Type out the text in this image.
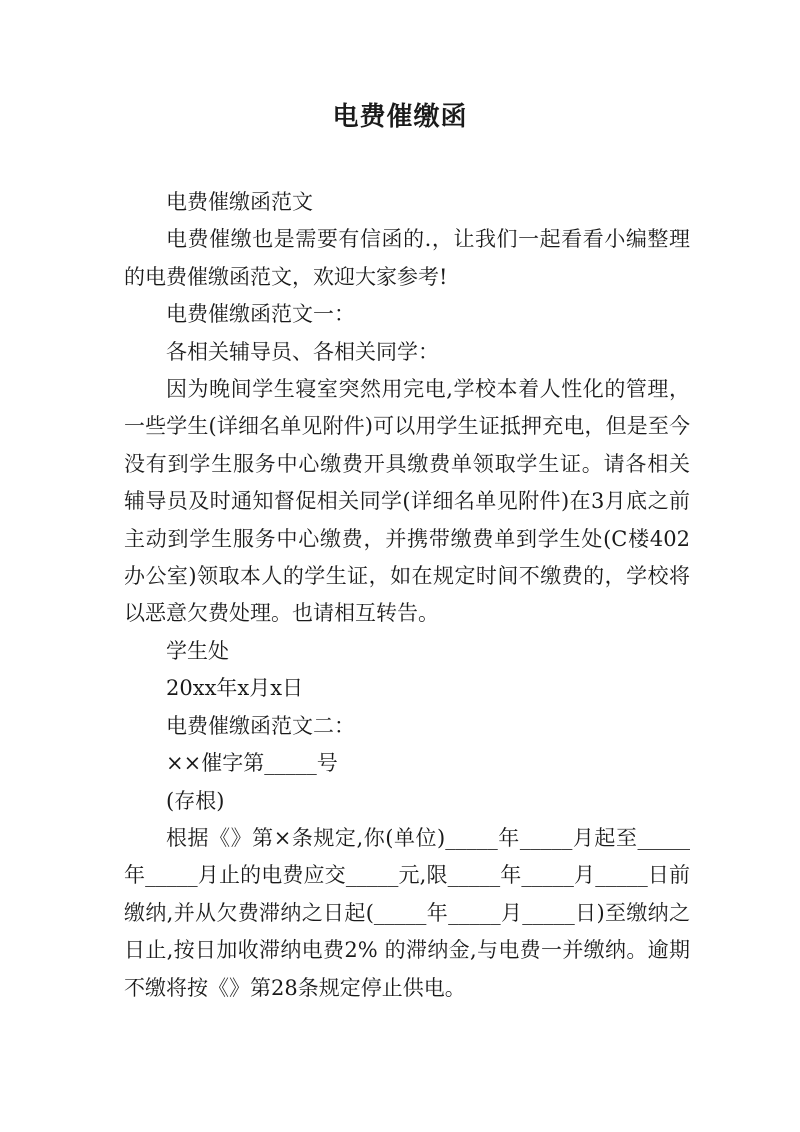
电费催缴函

电费催缴函范文

电费催缴也是需要有信函的.，让我们一起看看小编整理的电费催缴函范文，欢迎大家参考!

电费催缴函范文一：

各相关辅导员、各相关同学：

因为晚间学生寝室突然用完电,学校本着人性化的管理，一些学生(详细名单见附件)可以用学生证抵押充电，但是至今没有到学生服务中心缴费开具缴费单领取学生证。请各相关辅导员及时通知督促相关同学(详细名单见附件)在3月底之前主动到学生服务中心缴费，并携带缴费单到学生处(C楼402办公室)领取本人的学生证，如在规定时间不缴费的，学校将以恶意欠费处理。也请相互转告。

学生处

20xx年x月x日

电费催缴函范文二：

××催字第_____号

(存根)

根据《》第×条规定,你(单位)_____年_____月起至_____年_____月止的电费应交_____元,限_____年_____月_____日前缴纳,并从欠费滞纳之日起(_____年_____月_____日)至缴纳之日止,按日加收滞纳电费2% 的滞纳金,与电费一并缴纳。逾期不缴将按《》第28条规定停止供电。
